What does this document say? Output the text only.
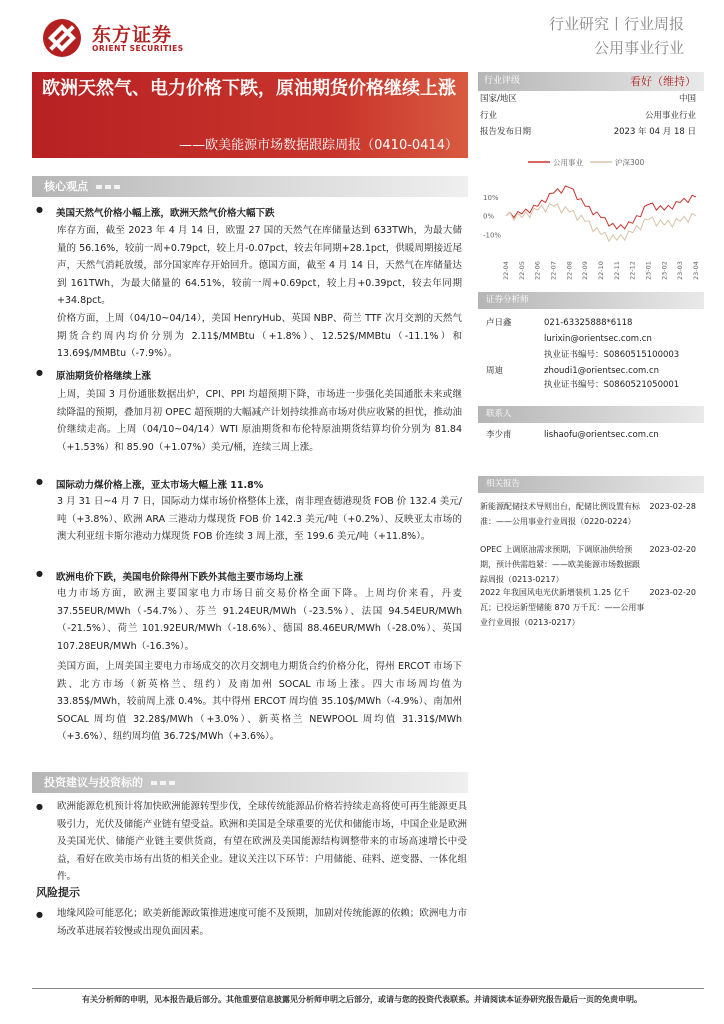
东方证券
ORIENT SECURITIES
行业研究丨行业周报
公用事业行业
欧洲天然气、电力价格下跌，原油期货价格继续上涨
——欧美能源市场数据跟踪周报（0410-0414）
行业评级	看好（维持）
国家/地区	中国
行业	公用事业行业
报告发布日期	2023 年 04 月 18 日
公用事业	沪深300
10%
0%
-10%
22-04 22-05 22-06 22-07 22-08 22-09 22-10 22-11 22-12 23-01 23-02 23-03 23-04
证券分析师
卢日鑫	021-63325888*6118
lurixin@orientsec.com.cn
执业证书编号：S0860515100003
周迪	zhoudi1@orientsec.com.cn
执业证书编号：S0860521050001
联系人
李少甫	lishaofu@orientsec.com.cn
相关报告
新能源配储技术导则出台，配储比例设置有标准：——公用事业行业周报（0220-0224）
2023-02-28
OPEC 上调原油需求预期，下调原油供给预期，预计供需趋紧：——欧美能源市场数据跟踪周报（0213-0217）
2023-02-20
2022 年我国风电光伏新增装机 1.25 亿千瓦；已投运新型储能 870 万千瓦：——公用事业行业周报（0213-0217）
2023-02-20
核心观点
● 美国天然气价格小幅上涨，欧洲天然气价格大幅下跌
库存方面，截至 2023 年 4 月 14 日，欧盟 27 国的天然气在库储量达到 633TWh，为最大储量的 56.16%，较前一周+0.79pct，较上月-0.07pct，较去年同期+28.1pct，供暖周期接近尾声，天然气消耗放缓，部分国家库存开始回升。德国方面，截至 4 月 14 日，天然气在库储量达到 161TWh，为最大储量的 64.51%，较前一周+0.69pct，较上月+0.39pct，较去年同期+34.8pct。
价格方面，上周（04/10~04/14），美国 HenryHub、英国 NBP、荷兰 TTF 次月交割的天然气期货合约周内均价分别为 2.11$/MMBtu（+1.8%）、12.52$/MMBtu（-11.1%）和 13.69$/MMBtu（-7.9%）。
● 原油期货价格继续上涨
上周，美国 3 月份通胀数据出炉，CPI、PPI 均超预期下降，市场进一步强化美国通胀未来或继续降温的预期，叠加月初 OPEC 超预期的大幅减产计划持续推高市场对供应收紧的担忧，推动油价继续走高。上周（04/10~04/14）WTI 原油期货和布伦特原油期货结算均价分别为 81.84（+1.53%）和 85.90（+1.07%）美元/桶，连续三周上涨。
● 国际动力煤价格上涨，亚太市场大幅上涨 11.8%
3 月 31 日~4 月 7 日，国际动力煤市场价格整体上涨，南非理查德港现货 FOB 价 132.4 美元/吨（+3.8%）、欧洲 ARA 三港动力煤现货 FOB 价 142.3 美元/吨（+0.2%）、反映亚太市场的澳大利亚纽卡斯尔港动力煤现货 FOB 价连续 3 周上涨，至 199.6 美元/吨（+11.8%）。
● 欧洲电价下跌，美国电价除得州下跌外其他主要市场均上涨
电力市场方面，欧洲主要国家电力市场日前交易价格全面下降。上周均价来看，丹麦 37.55EUR/MWh（-54.7%）、芬兰 91.24EUR/MWh（-23.5%）、法国 94.54EUR/MWh（-21.5%）、荷兰 101.92EUR/MWh（-18.6%）、德国 88.46EUR/MWh（-28.0%）、英国 107.28EUR/MWh（-16.3%）。
美国方面，上周美国主要电力市场成交的次月交割电力期货合约价格分化，得州 ERCOT 市场下跌、北方市场（新英格兰、纽约）及南加州 SOCAL 市场上涨。四大市场周均值为 33.85$/MWh，较前周上涨 0.4%。其中得州 ERCOT 周均值 35.10$/MWh（-4.9%）、南加州 SOCAL 周均值 32.28$/MWh（+3.0%）、新英格兰 NEWPOOL 周均值 31.31$/MWh（+3.6%）、纽约周均值 36.72$/MWh（+3.6%）。
投资建议与投资标的
● 欧洲能源危机预计将加快欧洲能源转型步伐，全球传统能源品价格若持续走高将使可再生能源更具吸引力，光伏及储能产业链有望受益。欧洲和美国是全球重要的光伏和储能市场，中国企业是欧洲及美国光伏、储能产业链主要供货商，有望在欧洲及美国能源结构调整带来的市场高速增长中受益，看好在欧美市场有出货的相关企业。建议关注以下环节：户用储能、硅料、逆变器、一体化组件。
风险提示
● 地缘风险可能恶化；欧美新能源政策推进速度可能不及预期，加剧对传统能源的依赖；欧洲电力市场改革进展若较慢或出现负面因素。
有关分析师的申明，见本报告最后部分。其他重要信息披露见分析师申明之后部分，或请与您的投资代表联系。并请阅读本证券研究报告最后一页的免责申明。
